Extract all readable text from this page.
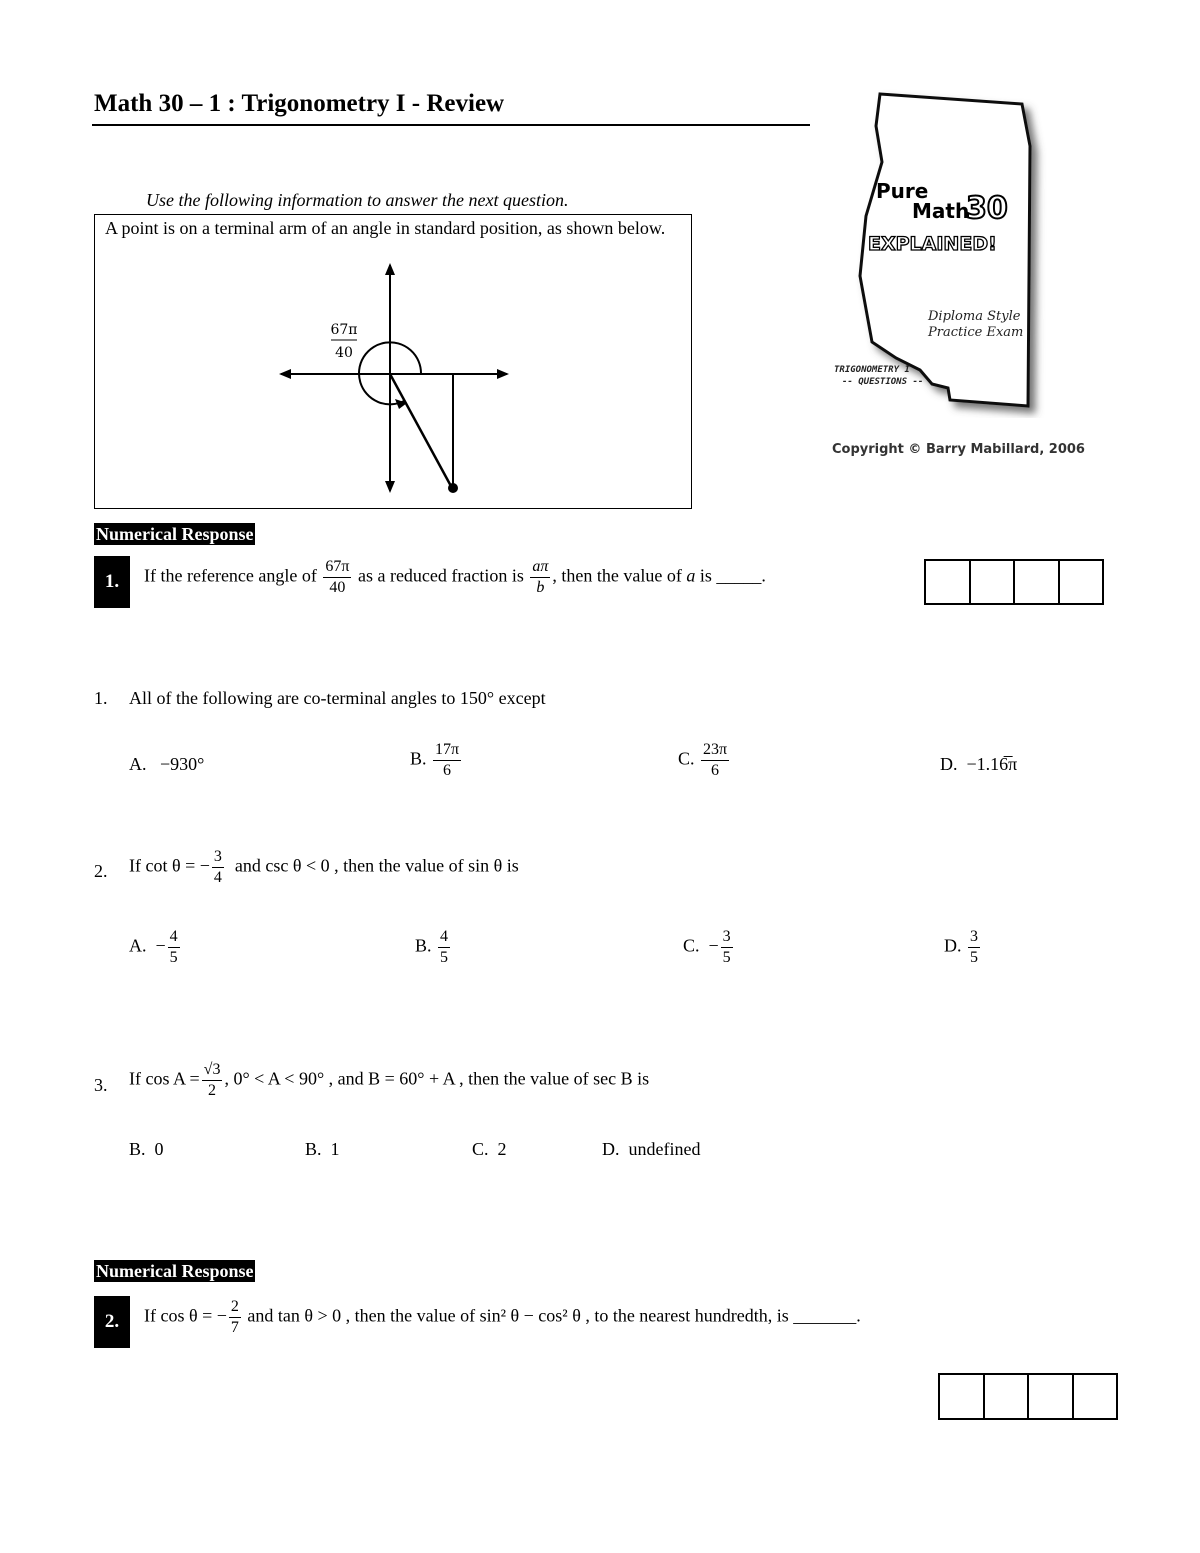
Math 30 – 1 : Trigonometry I - Review
Pure
Math
30
EXPLAINED!
Diploma Style
Practice Exam
TRIGONOMETRY I
-- QUESTIONS --
Copyright © Barry Mabillard, 2006
Use the following information to answer the next question.
A point is on a terminal arm of an angle in standard position, as shown below.
67π
40
Numerical Response
1.	If the reference angle of $\frac{67\pi}{40}$ as a reduced fraction is $\frac{a\pi}{b}$ , then the value of a is _____.
1. All of the following are co-terminal angles to 150° except
A. −930°	B. $\frac{17\pi}{6}$	C. $\frac{23\pi}{6}$	D. −1.16̅π
2. If cot θ = − $\frac{3}{4}$ and csc θ < 0 , then the value of sin θ is
A. − $\frac{4}{5}$	B. $\frac{4}{5}$	C. − $\frac{3}{5}$	D. $\frac{3}{5}$
3. If $\cos A = \frac{√3}{2}$ , 0° < A < 90° , and B = 60° + A , then the value of sec B is
B. 0	B. 1	C. 2	D. undefined
Numerical Response
2.	If cos θ = − $\frac{2}{7}$ and tan θ > 0 , then the value of sin² θ − cos² θ , to the nearest hundredth, is _______.
